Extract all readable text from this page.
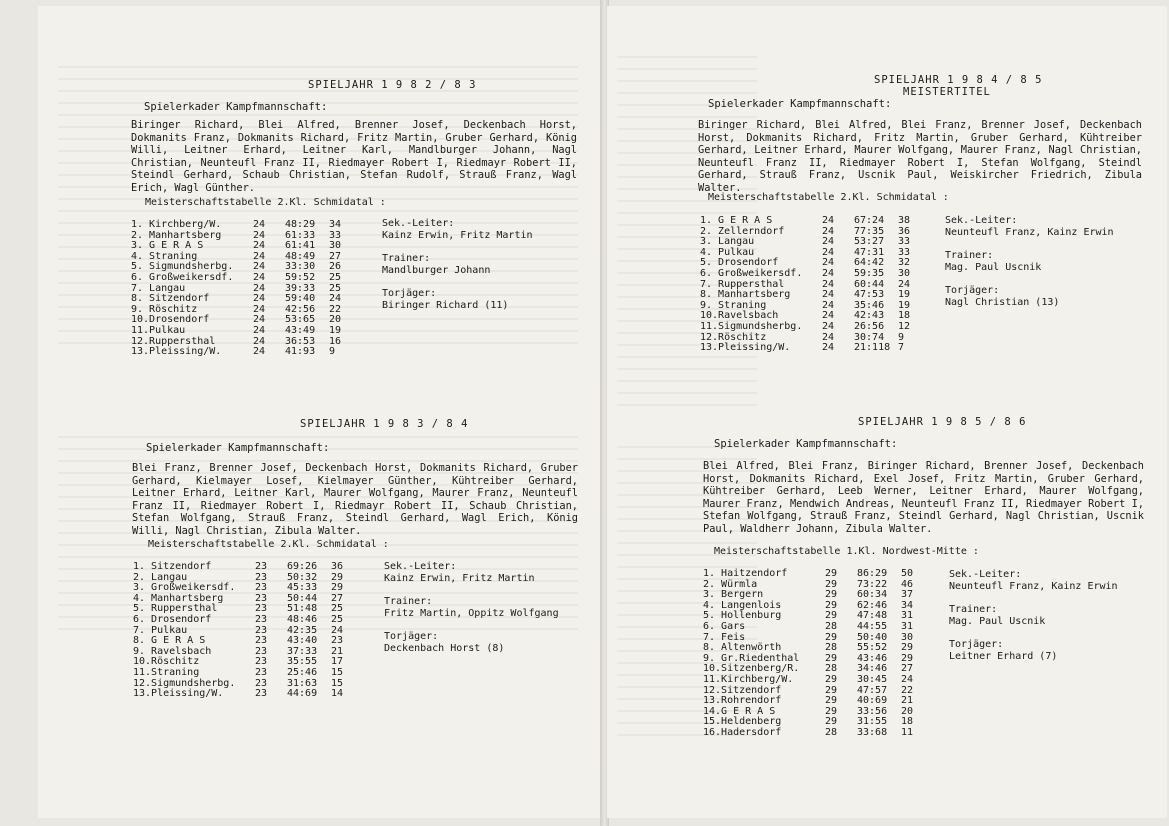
SPIELJAHR 1 9 8 2 / 8 3
Spielerkader Kampfmannschaft:
Biringer Richard, Blei Alfred, Brenner Josef, Deckenbach Horst, Dokmanits Franz, Dokmanits Richard, Fritz Martin, Gruber Gerhard, König Willi, Leitner Erhard, Leitner Karl, Mandlburger Johann, Nagl Christian, Neunteufl Franz II, Riedmayer Robert I, Riedmayr Robert II, Steindl Gerhard, Schaub Christian, Stefan Rudolf, Strauß Franz, Wagl Erich, Wagl Günther.
Meisterschaftstabelle 2.Kl. Schmidatal :
1. Kirchberg/W.	24	48:29	34
2. Manhartsberg	24	61:33	33
3. G E R A S	24	61:41	30
4. Straning	24	48:49	27
5. Sigmundsherbg.	24	33:30	26
6. Großweikersdf.	24	59:52	25
7. Langau	24	39:33	25
8. Sitzendorf	24	59:40	24
9. Röschitz	24	42:56	22
10.Drosendorf	24	53:65	20
11.Pulkau	24	43:49	19
12.Ruppersthal	24	36:53	16
13.Pleissing/W.	24	41:93	9
Sek.-Leiter:
Kainz Erwin, Fritz Martin
Trainer:
Mandlburger Johann
Torjäger:
Biringer Richard (11)
SPIELJAHR 1 9 8 3 / 8 4
Spielerkader Kampfmannschaft:
Blei Franz, Brenner Josef, Deckenbach Horst, Dokmanits Richard, Gruber Gerhard, Kielmayer Losef, Kielmayer Günther, Kühtreiber Gerhard, Leitner Erhard, Leitner Karl, Maurer Wolfgang, Maurer Franz, Neunteufl Franz II, Riedmayer Robert I, Riedmayr Robert II, Schaub Christian, Stefan Wolfgang, Strauß Franz, Steindl Gerhard, Wagl Erich, König Willi, Nagl Christian, Zibula Walter.
Meisterschaftstabelle 2.Kl. Schmidatal :
1. Sitzendorf	23	69:26	36
2. Langau	23	50:32	29
3. Großweikersdf.	23	45:33	29
4. Manhartsberg	23	50:44	27
5. Ruppersthal	23	51:48	25
6. Drosendorf	23	48:46	25
7. Pulkau	23	42:35	24
8. G E R A S	23	43:40	23
9. Ravelsbach	23	37:33	21
10.Röschitz	23	35:55	17
11.Straning	23	25:46	15
12.Sigmundsherbg.	23	31:63	15
13.Pleissing/W.	23	44:69	14
Sek.-Leiter:
Kainz Erwin, Fritz Martin
Trainer:
Fritz Martin, Oppitz Wolfgang
Torjäger:
Deckenbach Horst (8)
SPIELJAHR 1 9 8 4 / 8 5
MEISTERTITEL
Spielerkader Kampfmannschaft:
Biringer Richard, Blei Alfred, Blei Franz, Brenner Josef, Deckenbach Horst, Dokmanits Richard, Fritz Martin, Gruber Gerhard, Kühtreiber Gerhard, Leitner Erhard, Maurer Wolfgang, Maurer Franz, Nagl Christian, Neunteufl Franz II, Riedmayer Robert I, Stefan Wolfgang, Steindl Gerhard, Strauß Franz, Uscnik Paul, Weiskircher Friedrich, Zibula Walter.
Meisterschaftstabelle 2.Kl. Schmidatal :
1. G E R A S	24	67:24	38
2. Zellerndorf	24	77:35	36
3. Langau	24	53:27	33
4. Pulkau	24	47:31	33
5. Drosendorf	24	64:42	32
6. Großweikersdf.	24	59:35	30
7. Ruppersthal	24	60:44	24
8. Manhartsberg	24	47:53	19
9. Straning	24	35:46	19
10.Ravelsbach	24	42:43	18
11.Sigmundsherbg.	24	26:56	12
12.Röschitz	24	30:74	9
13.Pleissing/W.	24	21:118 7
Sek.-Leiter:
Neunteufl Franz, Kainz Erwin
Trainer:
Mag. Paul Uscnik
Torjäger:
Nagl Christian (13)
SPIELJAHR 1 9 8 5 / 8 6
Spielerkader Kampfmannschaft:
Blei Alfred, Blei Franz, Biringer Richard, Brenner Josef, Deckenbach Horst, Dokmanits Richard, Exel Josef, Fritz Martin, Gruber Gerhard, Kühtreiber Gerhard, Leeb Werner, Leitner Erhard, Maurer Wolfgang, Maurer Franz, Mendwich Andreas, Neunteufl Franz II, Riedmayer Robert I, Stefan Wolfgang, Strauß Franz, Steindl Gerhard, Nagl Christian, Uscnik Paul, Waldherr Johann, Zibula Walter.
Meisterschaftstabelle 1.Kl. Nordwest-Mitte :
1. Haitzendorf	29	86:29	50
2. Würmla	29	73:22	46
3. Bergern	29	60:34	37
4. Langenlois	29	62:46	34
5. Hollenburg	29	47:48	31
6. Gars	28	44:55	31
7. Feis	29	50:40	30
8. Altenwörth	28	55:52	29
9. Gr.Riedenthal	29	43:46	29
10.Sitzenberg/R.	28	34:46	27
11.Kirchberg/W.	29	30:45	24
12.Sitzendorf	29	47:57	22
13.Rohrendorf	29	40:69	21
14.G E R A S	29	33:56	20
15.Heldenberg	29	31:55	18
16.Hadersdorf	28	33:68	11
Sek.-Leiter:
Neunteufl Franz, Kainz Erwin
Trainer:
Mag. Paul Uscnik
Torjäger:
Leitner Erhard (7)
